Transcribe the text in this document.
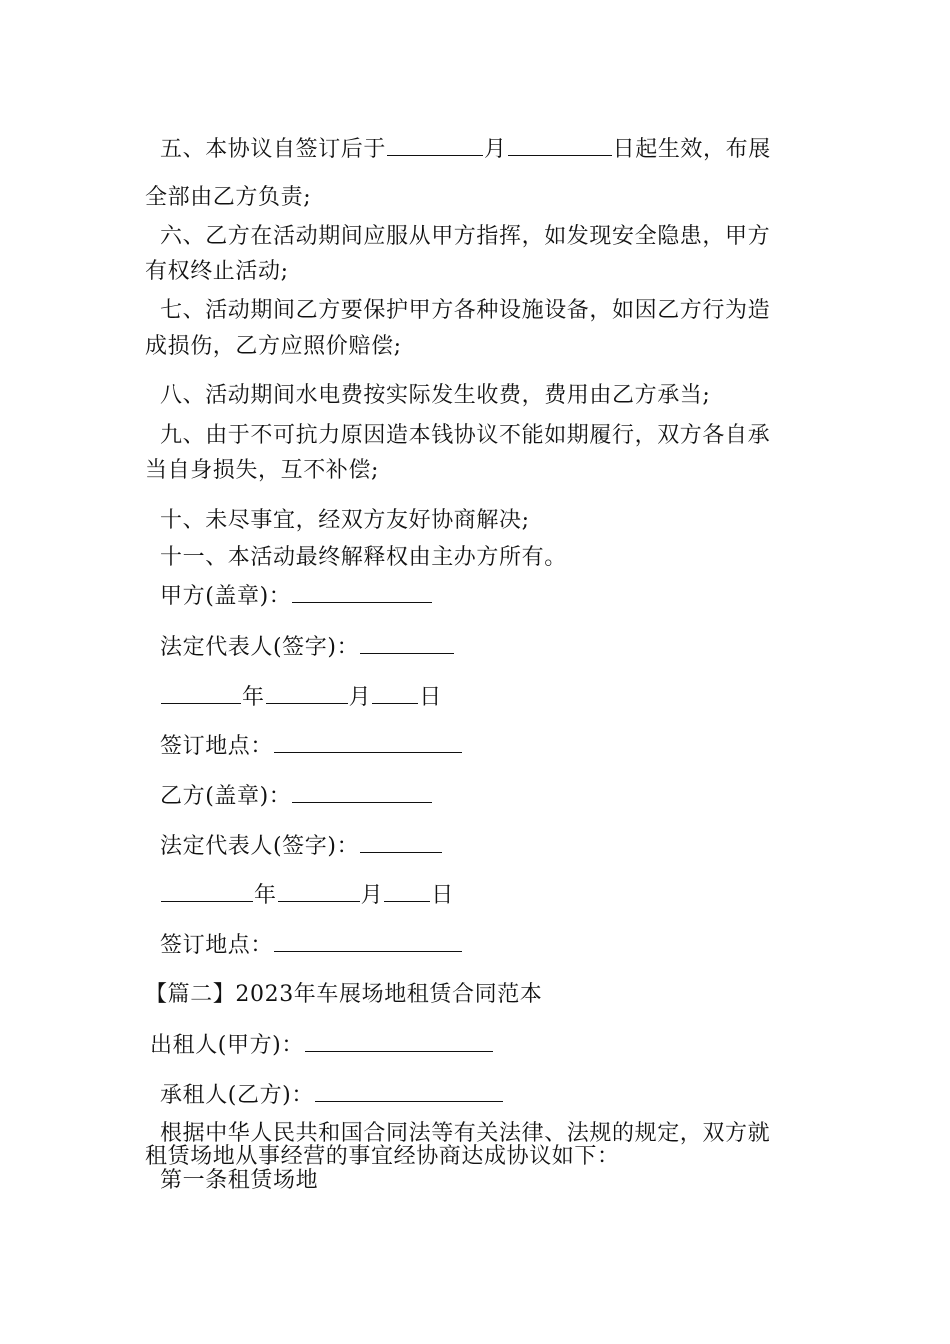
五、本协议自签订后于	月	日起生效，布展

全部由乙方负责;

六、乙方在活动期间应服从甲方指挥，如发现安全隐患，甲方

有权终止活动;

七、活动期间乙方要保护甲方各种设施设备，如因乙方行为造

成损伤，乙方应照价赔偿;

八、活动期间水电费按实际发生收费，费用由乙方承当;

九、由于不可抗力原因造本钱协议不能如期履行，双方各自承

当自身损失，互不补偿;

十、未尽事宜，经双方友好协商解决;

十一、本活动最终解释权由主办方所有。

甲方(盖章)：

法定代表人(签字)：

年	月 日

签订地点：

乙方(盖章)：

法定代表人(签字)：

年	月 日

签订地点：

【篇二】2023年车展场地租赁合同范本

出租人(甲方)：

承租人(乙方)：

根据中华人民共和国合同法等有关法律、法规的规定，双方就

租赁场地从事经营的事宜经协商达成协议如下：

第一条租赁场地
